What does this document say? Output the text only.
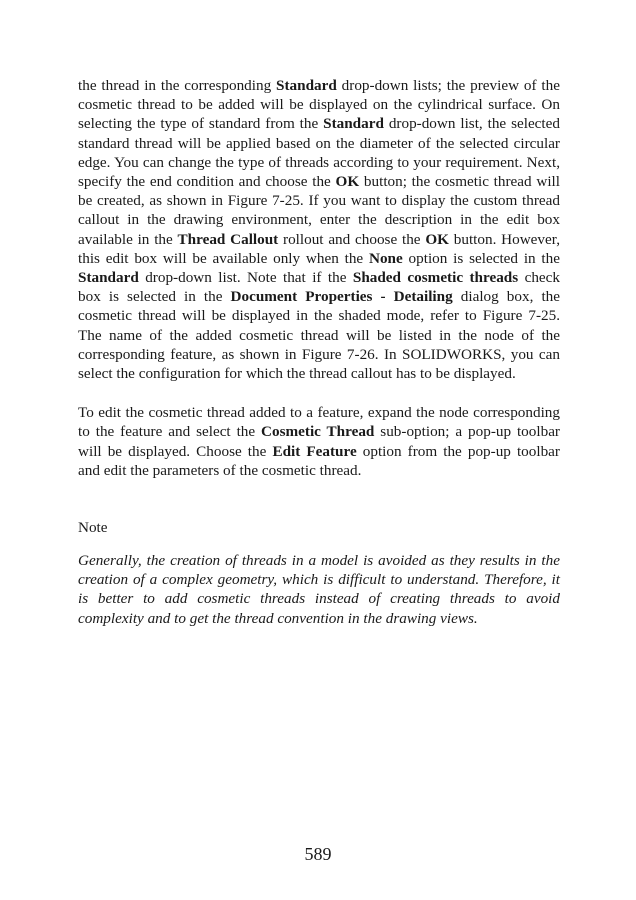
the thread in the corresponding Standard drop-down lists; the preview of the cosmetic thread to be added will be displayed on the cylindrical surface. On selecting the type of standard from the Standard drop-down list, the selected standard thread will be applied based on the diameter of the selected circular edge. You can change the type of threads according to your requirement. Next, specify the end condition and choose the OK button; the cosmetic thread will be created, as shown in Figure 7-25. If you want to display the custom thread callout in the drawing environment, enter the description in the edit box available in the Thread Callout rollout and choose the OK button. However, this edit box will be available only when the None option is selected in the Standard drop-down list. Note that if the Shaded cosmetic threads check box is selected in the Document Properties - Detailing dialog box, the cosmetic thread will be displayed in the shaded mode, refer to Figure 7-25. The name of the added cosmetic thread will be listed in the node of the corresponding feature, as shown in Figure 7-26. In SOLIDWORKS, you can select the configuration for which the thread callout has to be displayed.

To edit the cosmetic thread added to a feature, expand the node corresponding to the feature and select the Cosmetic Thread sub-option; a pop-up toolbar will be displayed. Choose the Edit Feature option from the pop-up toolbar and edit the parameters of the cosmetic thread.

Note

Generally, the creation of threads in a model is avoided as they results in the creation of a complex geometry, which is difficult to understand. Therefore, it is better to add cosmetic threads instead of creating threads to avoid complexity and to get the thread convention in the drawing views.

589
